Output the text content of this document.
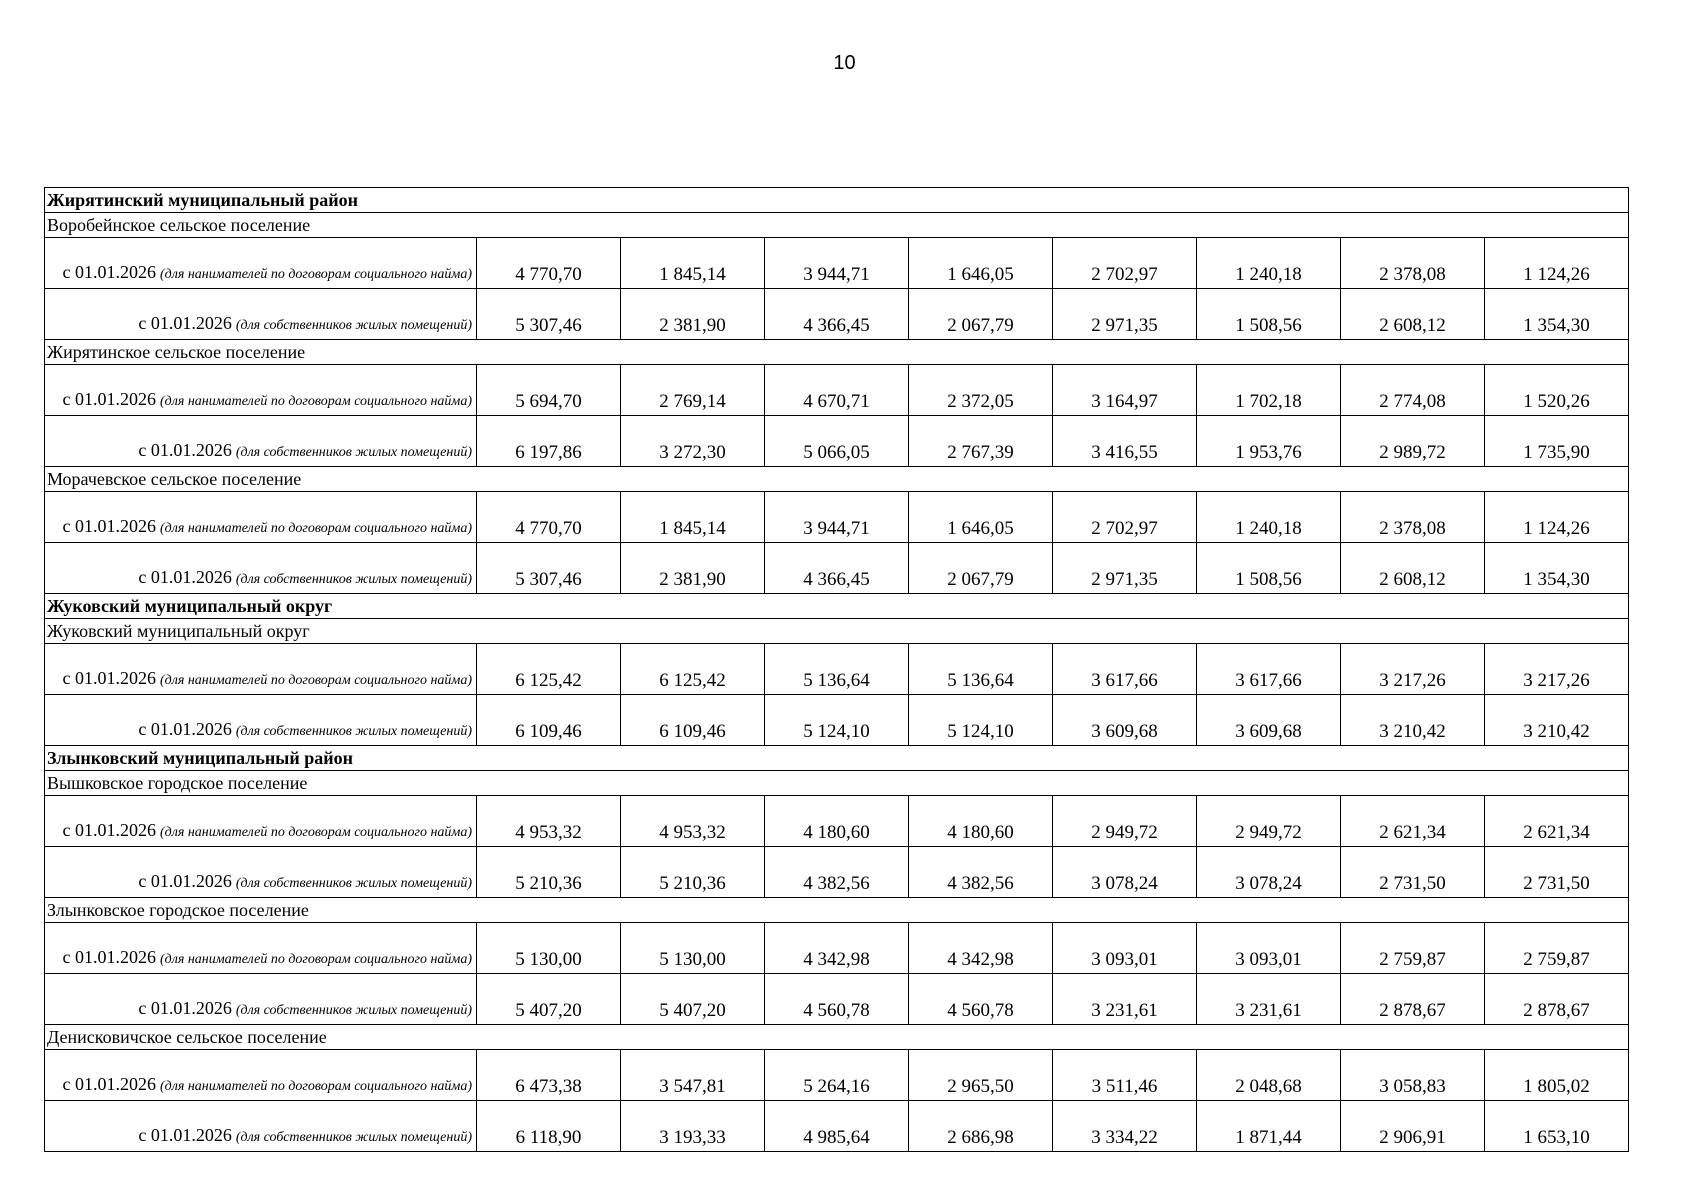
10
Жирятинский муниципальный район								
Воробейнское сельское поселение								
с 01.01.2026 (для нанимателей по договорам социального найма)	4 770,70	1 845,14	3 944,71	1 646,05	2 702,97	1 240,18	2 378,08	1 124,26
с 01.01.2026 (для собственников жилых помещений)	5 307,46	2 381,90	4 366,45	2 067,79	2 971,35	1 508,56	2 608,12	1 354,30
Жирятинское сельское поселение								
с 01.01.2026 (для нанимателей по договорам социального найма)	5 694,70	2 769,14	4 670,71	2 372,05	3 164,97	1 702,18	2 774,08	1 520,26
с 01.01.2026 (для собственников жилых помещений)	6 197,86	3 272,30	5 066,05	2 767,39	3 416,55	1 953,76	2 989,72	1 735,90
Морачевское сельское поселение								
с 01.01.2026 (для нанимателей по договорам социального найма)	4 770,70	1 845,14	3 944,71	1 646,05	2 702,97	1 240,18	2 378,08	1 124,26
с 01.01.2026 (для собственников жилых помещений)	5 307,46	2 381,90	4 366,45	2 067,79	2 971,35	1 508,56	2 608,12	1 354,30
Жуковский муниципальный округ								
Жуковский муниципальный округ								
с 01.01.2026 (для нанимателей по договорам социального найма)	6 125,42	6 125,42	5 136,64	5 136,64	3 617,66	3 617,66	3 217,26	3 217,26
с 01.01.2026 (для собственников жилых помещений)	6 109,46	6 109,46	5 124,10	5 124,10	3 609,68	3 609,68	3 210,42	3 210,42
Злынковский муниципальный район								
Вышковское городское поселение								
с 01.01.2026 (для нанимателей по договорам социального найма)	4 953,32	4 953,32	4 180,60	4 180,60	2 949,72	2 949,72	2 621,34	2 621,34
с 01.01.2026 (для собственников жилых помещений)	5 210,36	5 210,36	4 382,56	4 382,56	3 078,24	3 078,24	2 731,50	2 731,50
Злынковское городское поселение								
с 01.01.2026 (для нанимателей по договорам социального найма)	5 130,00	5 130,00	4 342,98	4 342,98	3 093,01	3 093,01	2 759,87	2 759,87
с 01.01.2026 (для собственников жилых помещений)	5 407,20	5 407,20	4 560,78	4 560,78	3 231,61	3 231,61	2 878,67	2 878,67
Денисковичское сельское поселение								
с 01.01.2026 (для нанимателей по договорам социального найма)	6 473,38	3 547,81	5 264,16	2 965,50	3 511,46	2 048,68	3 058,83	1 805,02
с 01.01.2026 (для собственников жилых помещений)	6 118,90	3 193,33	4 985,64	2 686,98	3 334,22	1 871,44	2 906,91	1 653,10
